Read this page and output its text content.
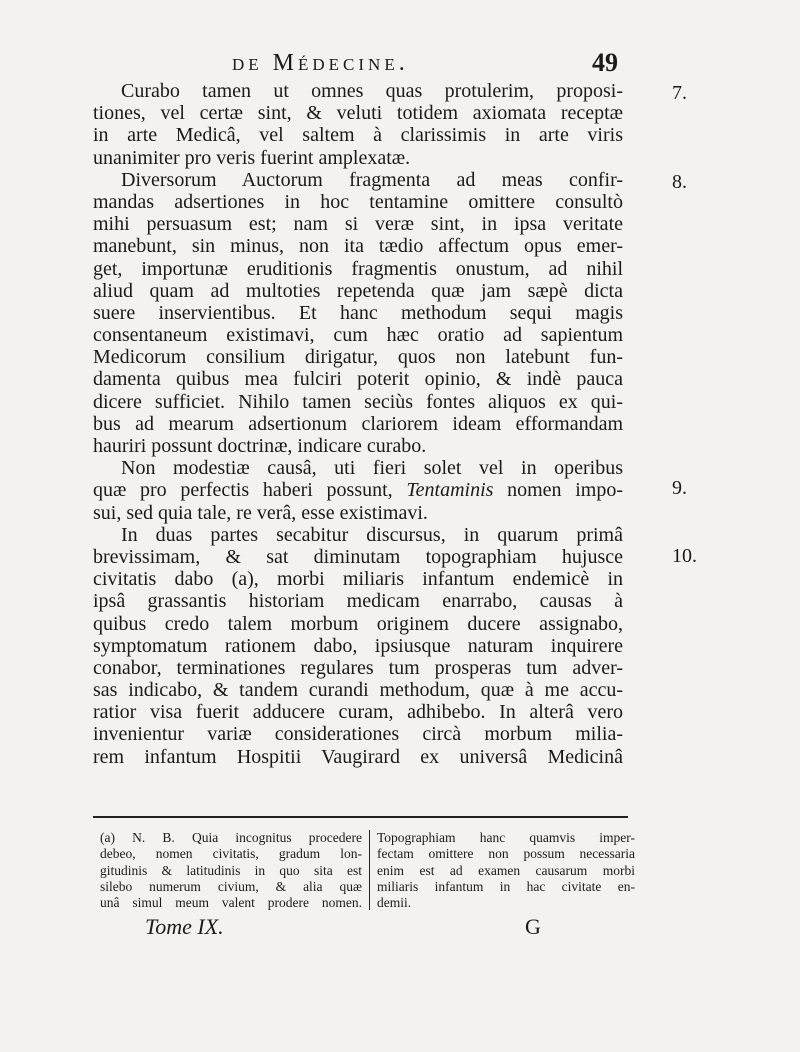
de Médecine.	49
Curabo tamen ut omnes quas protulerim, proposi-
tiones, vel certæ sint, & veluti totidem axiomata receptæ
in arte Medicâ, vel saltem à clarissimis in arte viris
unanimiter pro veris fuerint amplexatæ.
Diversorum Auctorum fragmenta ad meas confir-
mandas adsertiones in hoc tentamine omittere consultò
mihi persuasum est; nam si veræ sint, in ipsa veritate
manebunt, sin minus, non ita tædio affectum opus emer-
get, importunæ eruditionis fragmentis onustum, ad nihil
aliud quam ad multoties repetenda quæ jam sæpè dicta
suere inservientibus. Et hanc methodum sequi magis
consentaneum existimavi, cum hæc oratio ad sapientum
Medicorum consilium dirigatur, quos non latebunt fun-
damenta quibus mea fulciri poterit opinio, & indè pauca
dicere sufficiet. Nihilo tamen seciùs fontes aliquos ex qui-
bus ad mearum adsertionum clariorem ideam efformandam
hauriri possunt doctrinæ, indicare curabo.
Non modestiæ causâ, uti fieri solet vel in operibus
quæ pro perfectis haberi possunt, Tentaminis nomen impo-
sui, sed quia tale, re verâ, esse existimavi.
In duas partes secabitur discursus, in quarum primâ
brevissimam, & sat diminutam topographiam hujusce
civitatis dabo (a), morbi miliaris infantum endemicè in
ipsâ grassantis historiam medicam enarrabo, causas à
quibus credo talem morbum originem ducere assignabo,
symptomatum rationem dabo, ipsiusque naturam inquirere
conabor, terminationes regulares tum prosperas tum adver-
sas indicabo, & tandem curandi methodum, quæ à me accu-
ratior visa fuerit adducere curam, adhibebo. In alterâ vero
invenientur variæ considerationes circà morbum milia-
rem infantum Hospitii Vaugirard ex universâ Medicinâ
7.
8.
9.
10.
(a) N. B. Quia incognitus procedere
debeo, nomen civitatis, gradum lon-
gitudinis & latitudinis in quo sita est
silebo numerum civium, & alia quæ
unâ simul meum valent prodere nomen.
Topographiam hanc quamvis imper-
fectam omittere non possum necessaria
enim est ad examen causarum morbi
miliaris infantum in hac civitate en-
demii.
Tome IX.	G
